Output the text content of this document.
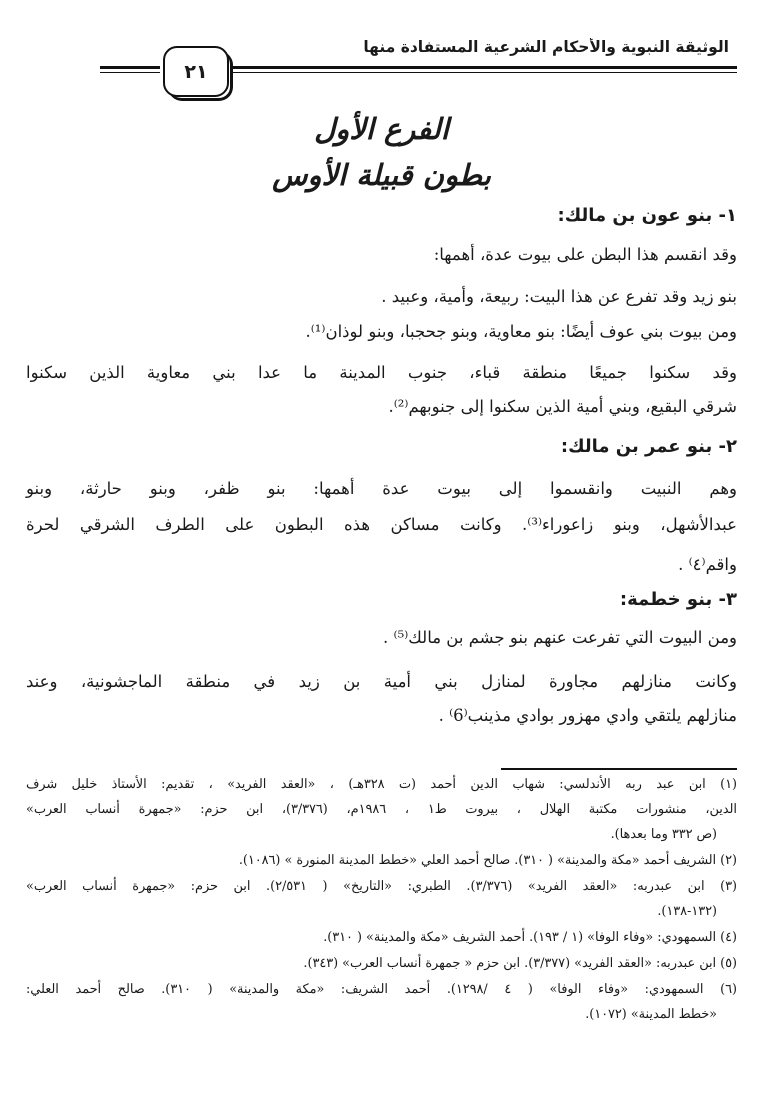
الوثيقة النبوية والأحكام الشرعية المستفادة منها
٢١
الفرع الأول
بطون قبيلة الأوس
١- بنو عون بن مالك:
وقد انقسم هذا البطن على بيوت عدة، أهمها:
بنو زيد وقد تفرع عن هذا البيت: ربيعة، وأمية، وعبيد .
ومن بيوت بني عوف أيضًا: بنو معاوية، وبنو جحجبا، وبنو لوذان⁽¹⁾.
وقد سكنوا جميعًا منطقة قباء، جنوب المدينة ما عدا بني معاوية الذين سكنوا
شرقي البقيع، وبني أمية الذين سكنوا إلى جنوبهم⁽²⁾.
٢- بنو عمر بن مالك:
وهم النبيت وانقسموا إلى بيوت عدة أهمها: بنو ظفر، وبنو حارثة، وبنو
عبدالأشهل، وبنو زاعوراء⁽³⁾. وكانت مساكن هذه البطون على الطرف الشرقي لحرة
واقم⁽٤⁾ .
٣- بنو خطمة:
ومن البيوت التي تفرعت عنهم بنو جشم بن مالك⁽⁵⁾ .
وكانت منازلهم مجاورة لمنازل بني أمية بن زيد في منطقة الماجشونية، وعند
منازلهم يلتقي وادي مهزور بوادي مذينب⁽6⁾ .
(١) ابن عبد ربه الأندلسي: شهاب الدين أحمد (ت ٣٢٨هـ) ، «العقد الفريد» ، تقديم: الأستاذ خليل شرف
الدين، منشورات مكتبة الهلال ، بيروت ط١ ، ١٩٨٦م، (٣/٣٧٦)، ابن حزم: «جمهرة أنساب العرب»
(ص ٣٣٢ وما بعدها).
(٢) الشريف أحمد «مكة والمدينة» ( ٣١٠). صالح أحمد العلي «خطط المدينة المنورة » (١٠٨٦).
(٣) ابن عبدربه: «العقد الفريد» (٣/٣٧٦). الطبري: «التاريخ» ( ٢/٥٣١). ابن حزم: «جمهرة أنساب العرب»
(١٣٢-١٣٨).
(٤) السمهودي: «وفاء الوفا» (١ / ١٩٣). أحمد الشريف «مكة والمدينة» ( ٣١٠).
(٥) ابن عبدربه: «العقد الفريد» (٣/٣٧٧). ابن حزم « جمهرة أنساب العرب» (٣٤٣).
(٦) السمهودي: «وفاء الوفا» ( ٤ /١٢٩٨). أحمد الشريف: «مكة والمدينة» ( ٣١٠). صالح أحمد العلي:
«خطط المدينة» (١٠٧٢).
